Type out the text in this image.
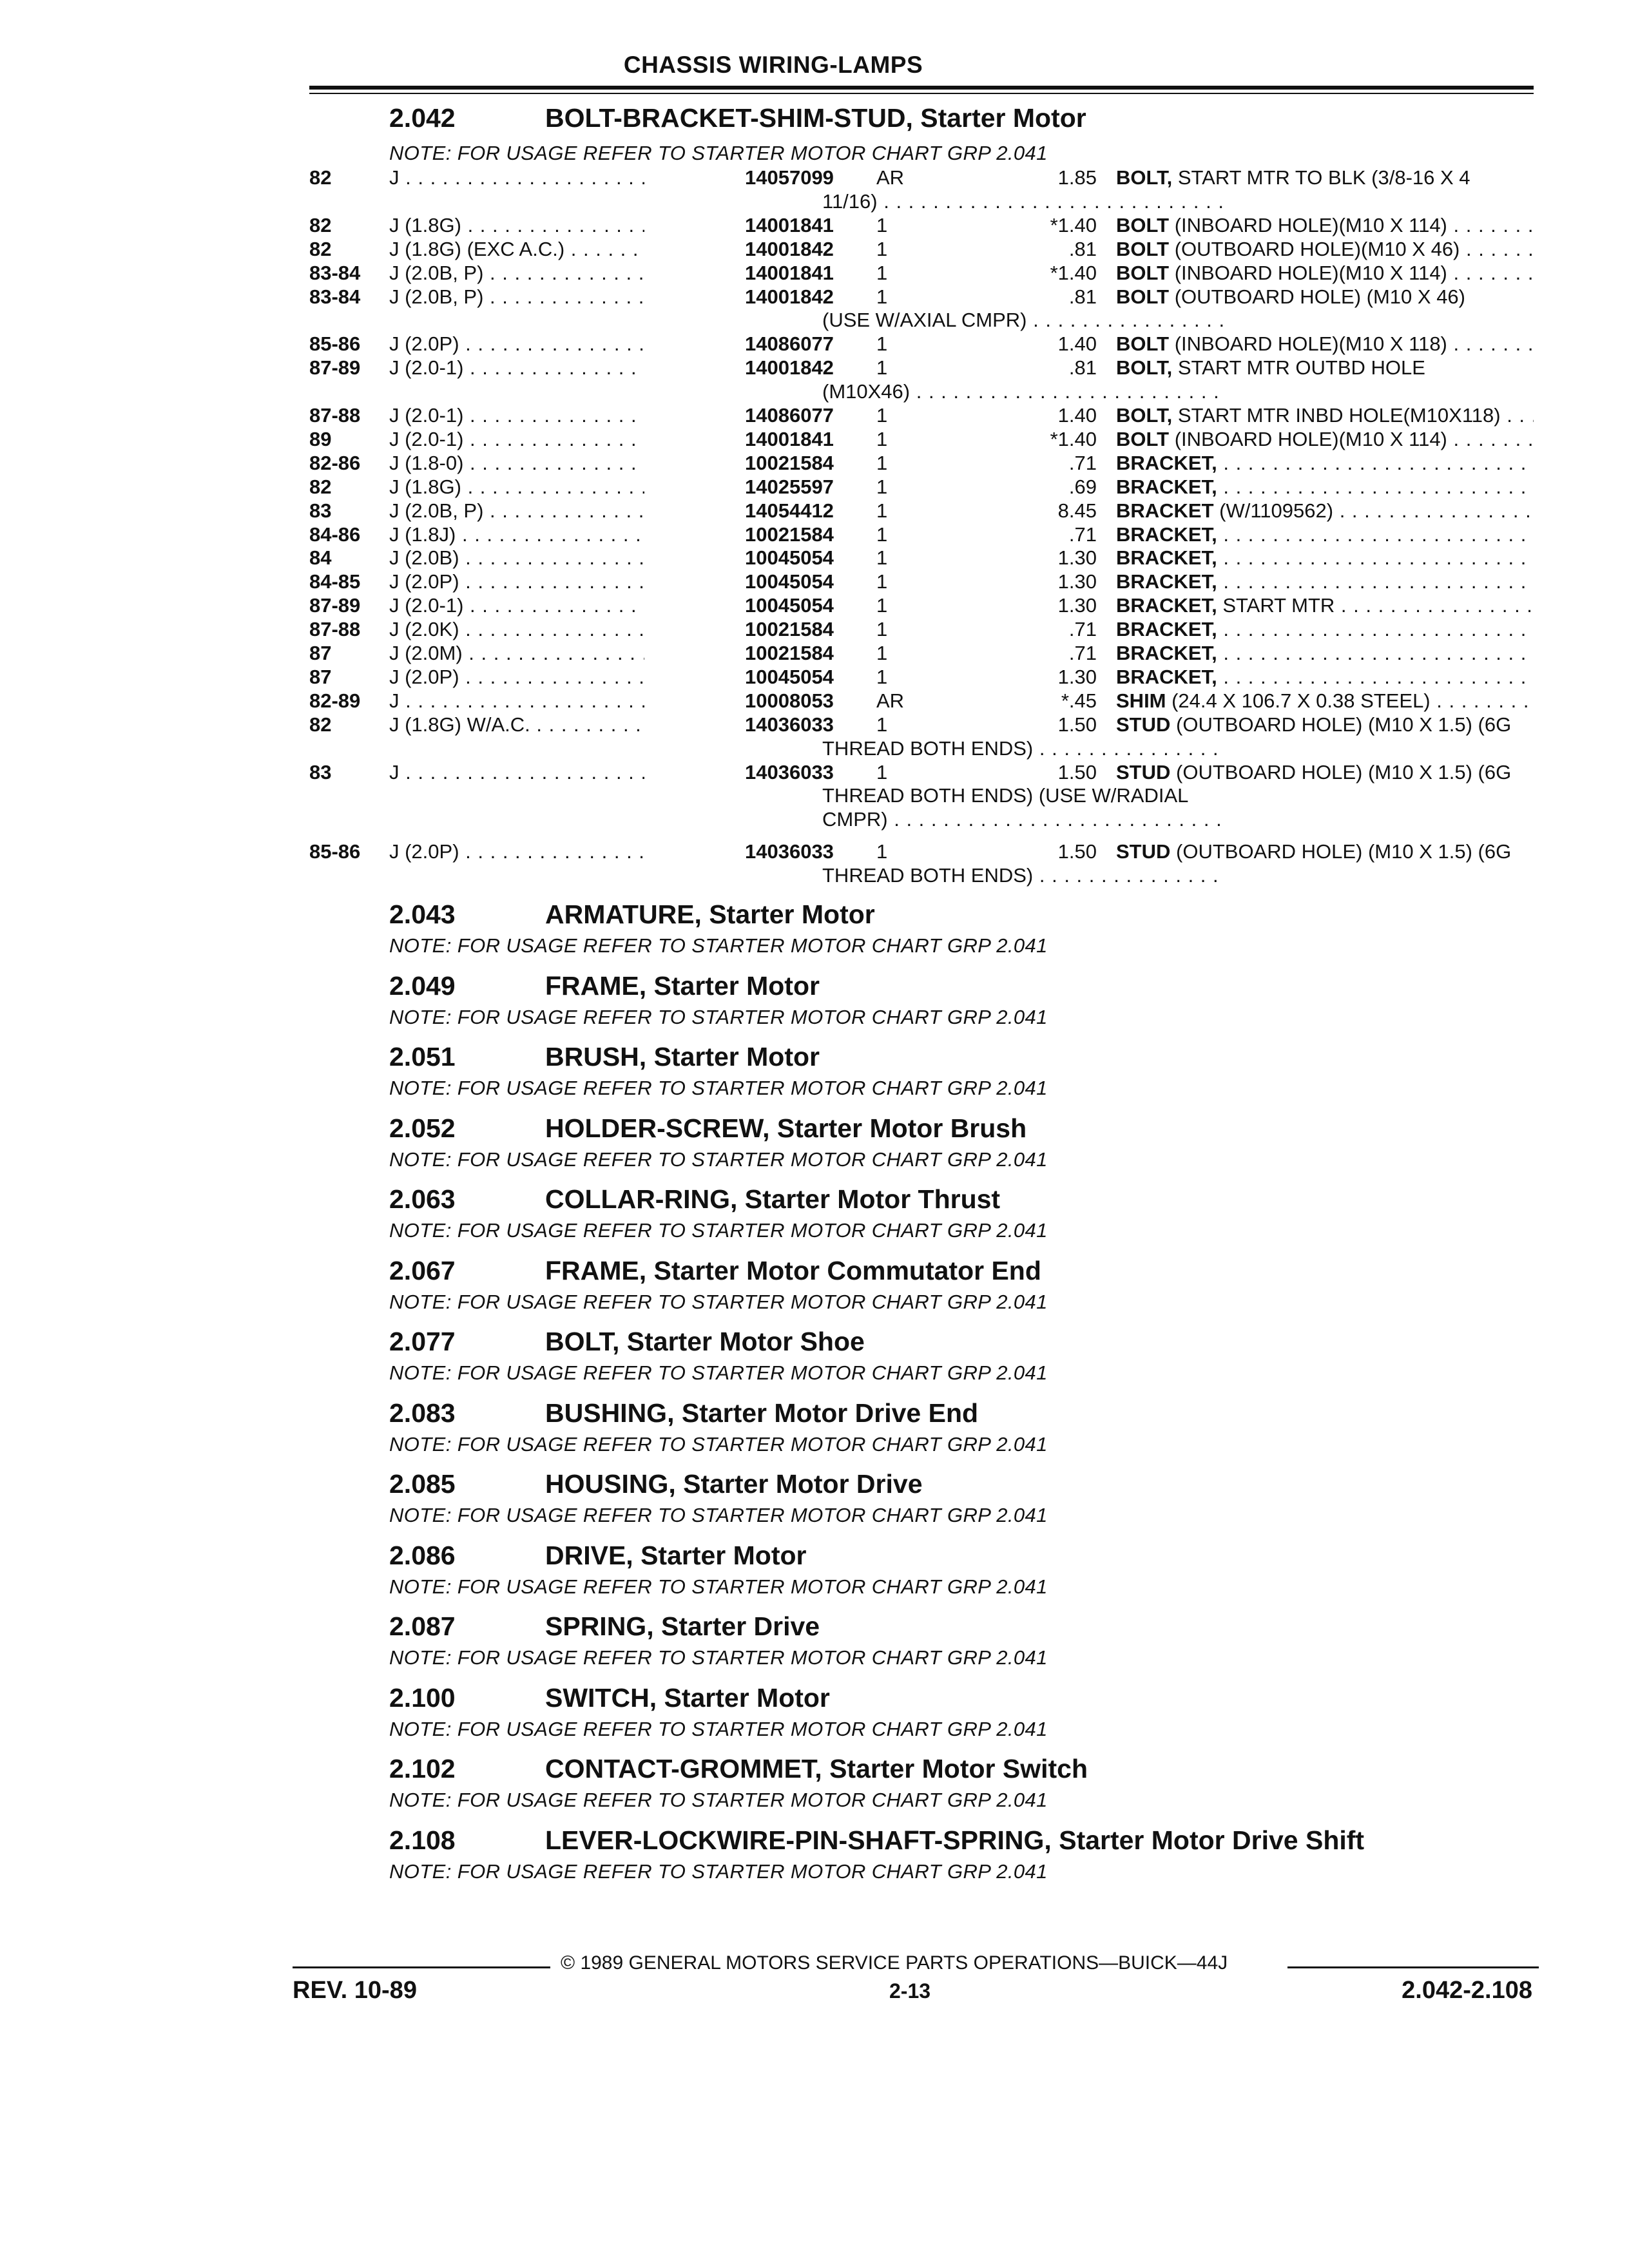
CHASSIS WIRING-LAMPS
2.042	BOLT-BRACKET-SHIM-STUD, Starter Motor
NOTE: FOR USAGE REFER TO STARTER MOTOR CHART GRP 2.041
82	J . . .	14057099 AR	1.85 BOLT, START MTR TO BLK (3/8-16 X 4
11/16) . . .
82	J (1.8G) . . .	14001841 1	*1.40 BOLT (INBOARD HOLE)(M10 X 114) . . .
82	J (1.8G) (EXC A.C.) . . .	14001842 1	.81 BOLT (OUTBOARD HOLE)(M10 X 46) . . .
83-84 J (2.0B, P) . . .	14001841 1	*1.40 BOLT (INBOARD HOLE)(M10 X 114) . . .
83-84 J (2.0B, P) . . .	14001842 1	.81 BOLT (OUTBOARD HOLE) (M10 X 46)
(USE W/AXIAL CMPR) . . .
85-86 J (2.0P) . . .	14086077 1	1.40 BOLT (INBOARD HOLE)(M10 X 118) . . .
87-89 J (2.0-1) . . .	14001842 1	.81 BOLT, START MTR OUTBD HOLE
(M10X46) . . .
87-88 J (2.0-1) . . .	14086077 1	1.40 BOLT, START MTR INBD HOLE(M10X118) . . .
89	J (2.0-1) . . .	14001841 1	*1.40 BOLT (INBOARD HOLE)(M10 X 114) . . .
82-86 J (1.8-0) . . .	10021584 1	.71 BRACKET, . . .
82	J (1.8G) . . .	14025597 1	.69 BRACKET, . . .
83	J (2.0B, P) . . .	14054412 1	8.45 BRACKET (W/1109562) . . .
84-86 J (1.8J) . . .	10021584 1	.71 BRACKET, . . .
84	J (2.0B) . . .	10045054 1	1.30 BRACKET, . . .
84-85 J (2.0P) . . .	10045054 1	1.30 BRACKET, . . .
87-89 J (2.0-1) . . .	10045054 1	1.30 BRACKET, START MTR . . .
87-88 J (2.0K) . . .	10021584 1	.71 BRACKET, . . .
87	J (2.0M) . . .	10021584 1	.71 BRACKET, . . .
87	J (2.0P) . . .	10045054 1	1.30 BRACKET, . . .
82-89 J . . .	10008053 AR	*.45 SHIM (24.4 X 106.7 X 0.38 STEEL) . . .
82	J (1.8G) W/A.C. . . .	14036033 1	1.50 STUD (OUTBOARD HOLE) (M10 X 1.5) (6G
THREAD BOTH ENDS) . . .
83	J . . .	14036033 1	1.50 STUD (OUTBOARD HOLE) (M10 X 1.5) (6G
THREAD BOTH ENDS) (USE W/RADIAL
CMPR) . . .
85-86 J (2.0P) . . .	14036033 1	1.50 STUD (OUTBOARD HOLE) (M10 X 1.5) (6G
THREAD BOTH ENDS) . . .
2.043	ARMATURE, Starter Motor
NOTE: FOR USAGE REFER TO STARTER MOTOR CHART GRP 2.041
2.049	FRAME, Starter Motor
NOTE: FOR USAGE REFER TO STARTER MOTOR CHART GRP 2.041
2.051	BRUSH, Starter Motor
NOTE: FOR USAGE REFER TO STARTER MOTOR CHART GRP 2.041
2.052	HOLDER-SCREW, Starter Motor Brush
NOTE: FOR USAGE REFER TO STARTER MOTOR CHART GRP 2.041
2.063	COLLAR-RING, Starter Motor Thrust
NOTE: FOR USAGE REFER TO STARTER MOTOR CHART GRP 2.041
2.067	FRAME, Starter Motor Commutator End
NOTE: FOR USAGE REFER TO STARTER MOTOR CHART GRP 2.041
2.077	BOLT, Starter Motor Shoe
NOTE: FOR USAGE REFER TO STARTER MOTOR CHART GRP 2.041
2.083	BUSHING, Starter Motor Drive End
NOTE: FOR USAGE REFER TO STARTER MOTOR CHART GRP 2.041
2.085	HOUSING, Starter Motor Drive
NOTE: FOR USAGE REFER TO STARTER MOTOR CHART GRP 2.041
2.086	DRIVE, Starter Motor
NOTE: FOR USAGE REFER TO STARTER MOTOR CHART GRP 2.041
2.087	SPRING, Starter Drive
NOTE: FOR USAGE REFER TO STARTER MOTOR CHART GRP 2.041
2.100	SWITCH, Starter Motor
NOTE: FOR USAGE REFER TO STARTER MOTOR CHART GRP 2.041
2.102	CONTACT-GROMMET, Starter Motor Switch
NOTE: FOR USAGE REFER TO STARTER MOTOR CHART GRP 2.041
2.108	LEVER-LOCKWIRE-PIN-SHAFT-SPRING, Starter Motor Drive Shift
NOTE: FOR USAGE REFER TO STARTER MOTOR CHART GRP 2.041
© 1989 GENERAL MOTORS SERVICE PARTS OPERATIONS—BUICK—44J
REV. 10-89	2-13	2.042-2.108
